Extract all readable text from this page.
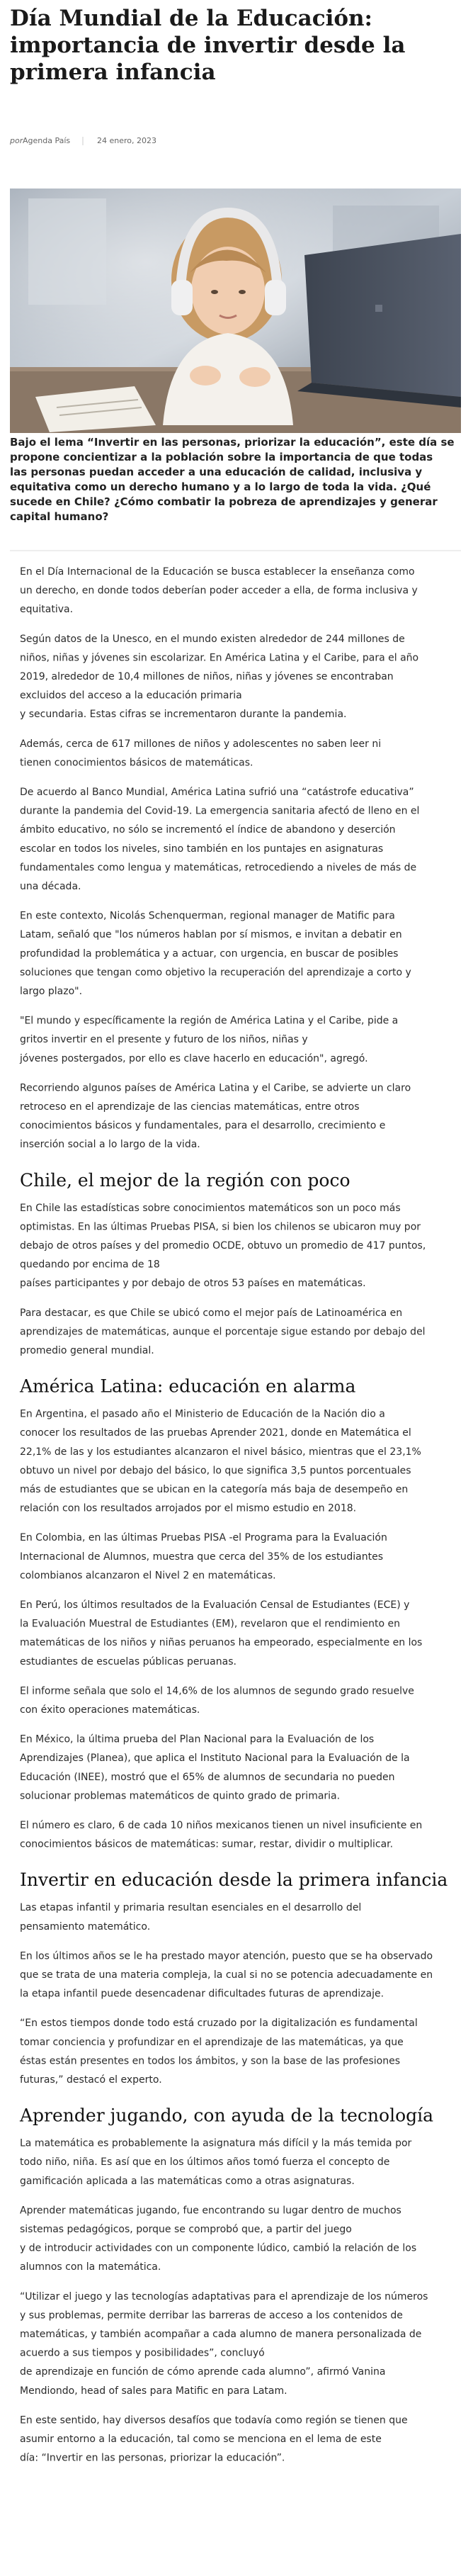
Día Mundial de la Educación:
importancia de invertir desde la
primera infancia
por Agenda País	24 enero, 2023
Bajo el lema “Invertir en las personas, priorizar la educación”, este día se
propone concientizar a la población sobre la importancia de que todas
las personas puedan acceder a una educación de calidad, inclusiva y
equitativa como un derecho humano y a lo largo de toda la vida. ¿Qué
sucede en Chile? ¿Cómo combatir la pobreza de aprendizajes y generar
capital humano?
En el Día Internacional de la Educación se busca establecer la enseñanza como
un derecho, en donde todos deberían poder acceder a ella, de forma inclusiva y
equitativa.
Según datos de la Unesco, en el mundo existen alrededor de 244 millones de
niños, niñas y jóvenes sin escolarizar. En América Latina y el Caribe, para el año
2019, alrededor de 10,4 millones de niños, niñas y jóvenes se encontraban
excluidos del acceso a la educación primaria
y secundaria. Estas cifras se incrementaron durante la pandemia.
Además, cerca de 617 millones de niños y adolescentes no saben leer ni
tienen conocimientos básicos de matemáticas.
De acuerdo al Banco Mundial, América Latina sufrió una “catástrofe educativa”
durante la pandemia del Covid-19. La emergencia sanitaria afectó de lleno en el
ámbito educativo, no sólo se incrementó el índice de abandono y deserción
escolar en todos los niveles, sino también en los puntajes en asignaturas
fundamentales como lengua y matemáticas, retrocediendo a niveles de más de
una década.
En este contexto, Nicolás Schenquerman, regional manager de Matific para
Latam, señaló que "los números hablan por sí mismos, e invitan a debatir en
profundidad la problemática y a actuar, con urgencia, en buscar de posibles
soluciones que tengan como objetivo la recuperación del aprendizaje a corto y
largo plazo".
"El mundo y específicamente la región de América Latina y el Caribe, pide a
gritos invertir en el presente y futuro de los niños, niñas y
jóvenes postergados, por ello es clave hacerlo en educación", agregó.
Recorriendo algunos países de América Latina y el Caribe, se advierte un claro
retroceso en el aprendizaje de las ciencias matemáticas, entre otros
conocimientos básicos y fundamentales, para el desarrollo, crecimiento e
inserción social a lo largo de la vida.
Chile, el mejor de la región con poco
En Chile las estadísticas sobre conocimientos matemáticos son un poco más
optimistas. En las últimas Pruebas PISA, si bien los chilenos se ubicaron muy por
debajo de otros países y del promedio OCDE, obtuvo un promedio de 417 puntos,
quedando por encima de 18
países participantes y por debajo de otros 53 países en matemáticas.
Para destacar, es que Chile se ubicó como el mejor país de Latinoamérica en
aprendizajes de matemáticas, aunque el porcentaje sigue estando por debajo del
promedio general mundial.
América Latina: educación en alarma
En Argentina, el pasado año el Ministerio de Educación de la Nación dio a
conocer los resultados de las pruebas Aprender 2021, donde en Matemática el
22,1% de las y los estudiantes alcanzaron el nivel básico, mientras que el 23,1%
obtuvo un nivel por debajo del básico, lo que significa 3,5 puntos porcentuales
más de estudiantes que se ubican en la categoría más baja de desempeño en
relación con los resultados arrojados por el mismo estudio en 2018.
En Colombia, en las últimas Pruebas PISA -el Programa para la Evaluación
Internacional de Alumnos, muestra que cerca del 35% de los estudiantes
colombianos alcanzaron el Nivel 2 en matemáticas.
En Perú, los últimos resultados de la Evaluación Censal de Estudiantes (ECE) y
la Evaluación Muestral de Estudiantes (EM), revelaron que el rendimiento en
matemáticas de los niños y niñas peruanos ha empeorado, especialmente en los
estudiantes de escuelas públicas peruanas.
El informe señala que solo el 14,6% de los alumnos de segundo grado resuelve
con éxito operaciones matemáticas.
En México, la última prueba del Plan Nacional para la Evaluación de los
Aprendizajes (Planea), que aplica el Instituto Nacional para la Evaluación de la
Educación (INEE), mostró que el 65% de alumnos de secundaria no pueden
solucionar problemas matemáticos de quinto grado de primaria.
El número es claro, 6 de cada 10 niños mexicanos tienen un nivel insuficiente en
conocimientos básicos de matemáticas: sumar, restar, dividir o multiplicar.
Invertir en educación desde la primera infancia
Las etapas infantil y primaria resultan esenciales en el desarrollo del
pensamiento matemático.
En los últimos años se le ha prestado mayor atención, puesto que se ha observado
que se trata de una materia compleja, la cual si no se potencia adecuadamente en
la etapa infantil puede desencadenar dificultades futuras de aprendizaje.
“En estos tiempos donde todo está cruzado por la digitalización es fundamental
tomar conciencia y profundizar en el aprendizaje de las matemáticas, ya que
éstas están presentes en todos los ámbitos, y son la base de las profesiones
futuras,” destacó el experto.
Aprender jugando, con ayuda de la tecnología
La matemática es probablemente la asignatura más difícil y la más temida por
todo niño, niña. Es así que en los últimos años tomó fuerza el concepto de
gamificación aplicada a las matemáticas como a otras asignaturas.
Aprender matemáticas jugando, fue encontrando su lugar dentro de muchos
sistemas pedagógicos, porque se comprobó que, a partir del juego
y de introducir actividades con un componente lúdico, cambió la relación de los
alumnos con la matemática.
“Utilizar el juego y las tecnologías adaptativas para el aprendizaje de los números
y sus problemas, permite derribar las barreras de acceso a los contenidos de
matemáticas, y también acompañar a cada alumno de manera personalizada de
acuerdo a sus tiempos y posibilidades”, concluyó
de aprendizaje en función de cómo aprende cada alumno”, afirmó Vanina
Mendiondo, head of sales para Matific en para Latam.
En este sentido, hay diversos desafíos que todavía como región se tienen que
asumir entorno a la educación, tal como se menciona en el lema de este
día: “Invertir en las personas, priorizar la educación”.
